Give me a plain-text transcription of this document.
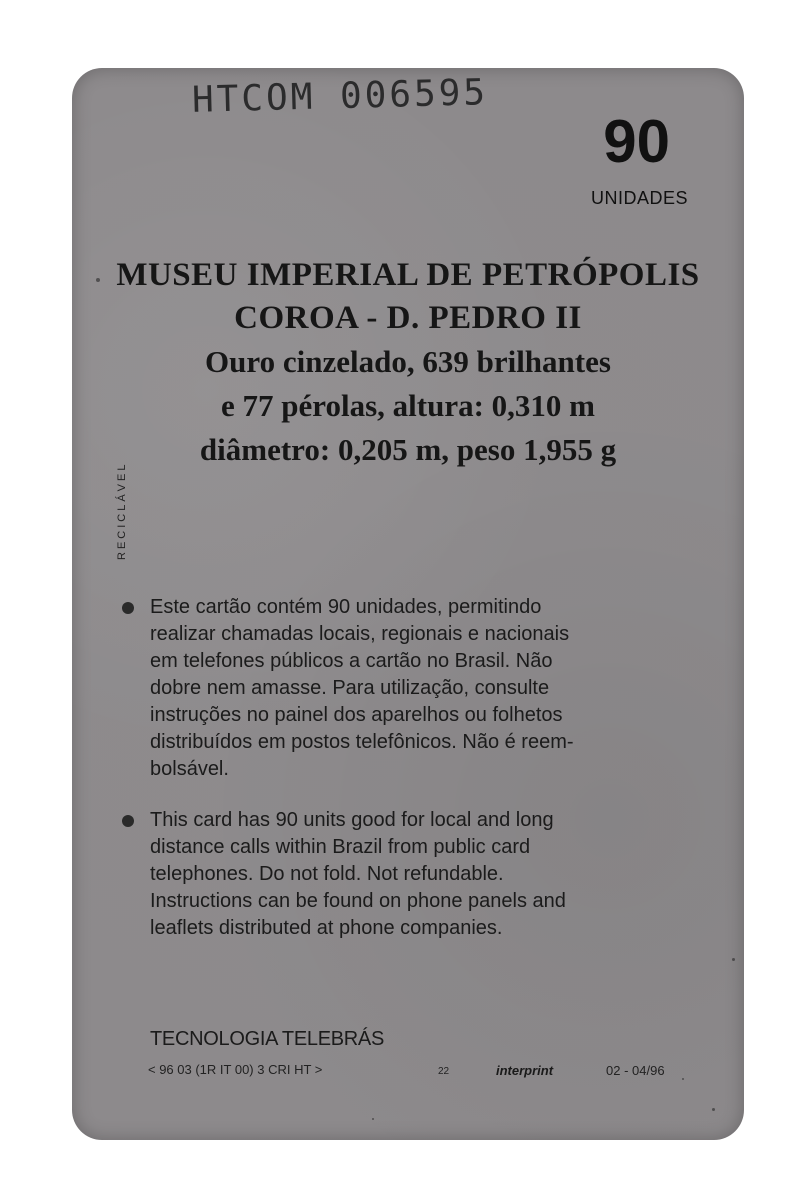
HTCOM 006595
90
UNIDADES
MUSEU IMPERIAL DE PETRÓPOLIS
COROA - D. PEDRO II
Ouro cinzelado, 639 brilhantes
e 77 pérolas, altura: 0,310 m
diâmetro: 0,205 m, peso 1,955 g
RECICLÁVEL
Este cartão contém 90 unidades, permitindo
realizar chamadas locais, regionais e nacionais
em telefones públicos a cartão no Brasil. Não
dobre nem amasse. Para utilização, consulte
instruções no painel dos aparelhos ou folhetos
distribuídos em postos telefônicos. Não é reem-
bolsável.
This card has 90 units good for local and long
distance calls within Brazil from public card
telephones. Do not fold. Not refundable.
Instructions can be found on phone panels and
leaflets distributed at phone companies.
TECNOLOGIA TELEBRÁS
< 96 03 (1R IT 00) 3 CRI HT >	22	interprint	02 - 04/96
